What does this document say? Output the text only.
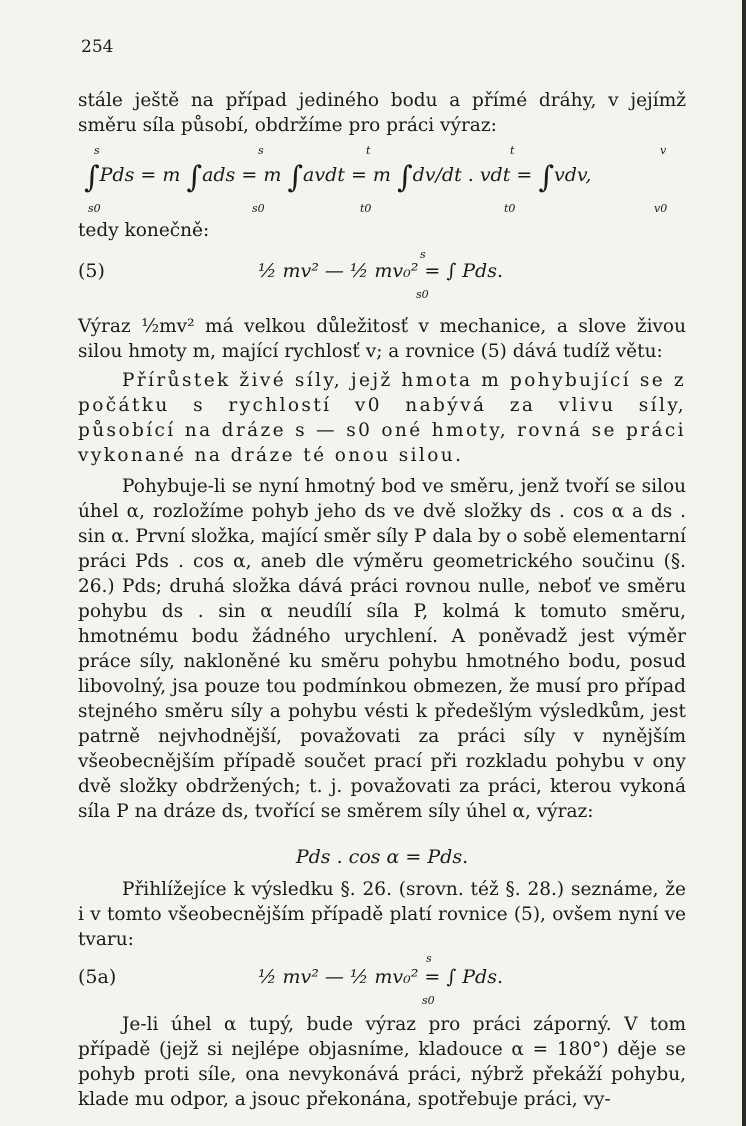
254
stále ještě na případ jediného bodu a přímé dráhy, v jejímž směru síla působí, obdržíme pro práci výraz:
∫Pds = m ∫ads = m ∫avdt = m ∫dv/dt . vdt = ∫vdv,
s
s0
s
s0
t
t0
t
t0
v
v0
tedy konečně:
(5)	½ mv² — ½ mv₀² = ∫ Pds.
s
s0
Výraz ½mv² má velkou důležitosť v mechanice, a slove živou silou hmoty m, mající rychlosť v; a rovnice (5) dává tudíž větu:
Přírůstek živé síly, jejž hmota m pohybující se z počátku s rychlostí v0 nabývá za vlivu síly, působící na dráze s — s0 oné hmoty, rovná se práci vykonané na dráze té onou silou.
Pohybuje-li se nyní hmotný bod ve směru, jenž tvoří se silou úhel α, rozložíme pohyb jeho ds ve dvě složky ds . cos α a ds . sin α. První složka, mající směr síly P dala by o sobě elementarní práci Pds . cos α, aneb dle výměru geometrického součinu (§. 26.) Pds; druhá složka dává práci rovnou nulle, neboť ve směru pohybu ds . sin α neudílí síla P, kolmá k tomuto směru, hmotnému bodu žádného urychlení. A poněvadž jest výměr práce síly, nakloněné ku směru pohybu hmotného bodu, posud libovolný, jsa pouze tou podmínkou obmezen, že musí pro případ stejného směru síly a pohybu vésti k předešlým výsledkům, jest patrně nejvhodnější, považovati za práci síly v nynějším všeobecnějším případě součet prací při rozkladu pohybu v ony dvě složky obdržených; t. j. považovati za práci, kterou vykoná síla P na dráze ds, tvořící se směrem síly úhel α, výraz:
Pds . cos α = Pds.
Přihlížejíce k výsledku §. 26. (srovn. též §. 28.) seznáme, že i v tomto všeobecnějším případě platí rovnice (5), ovšem nyní ve tvaru:
(5a)	½ mv² — ½ mv₀² = ∫ Pds.
s
s0
Je-li úhel α tupý, bude výraz pro práci záporný. V tom případě (jejž si nejlépe objasníme, kladouce α = 180°) děje se pohyb proti síle, ona nevykonává práci, nýbrž překáží pohybu, klade mu odpor, a jsouc překonána, spotřebuje práci, vy-
